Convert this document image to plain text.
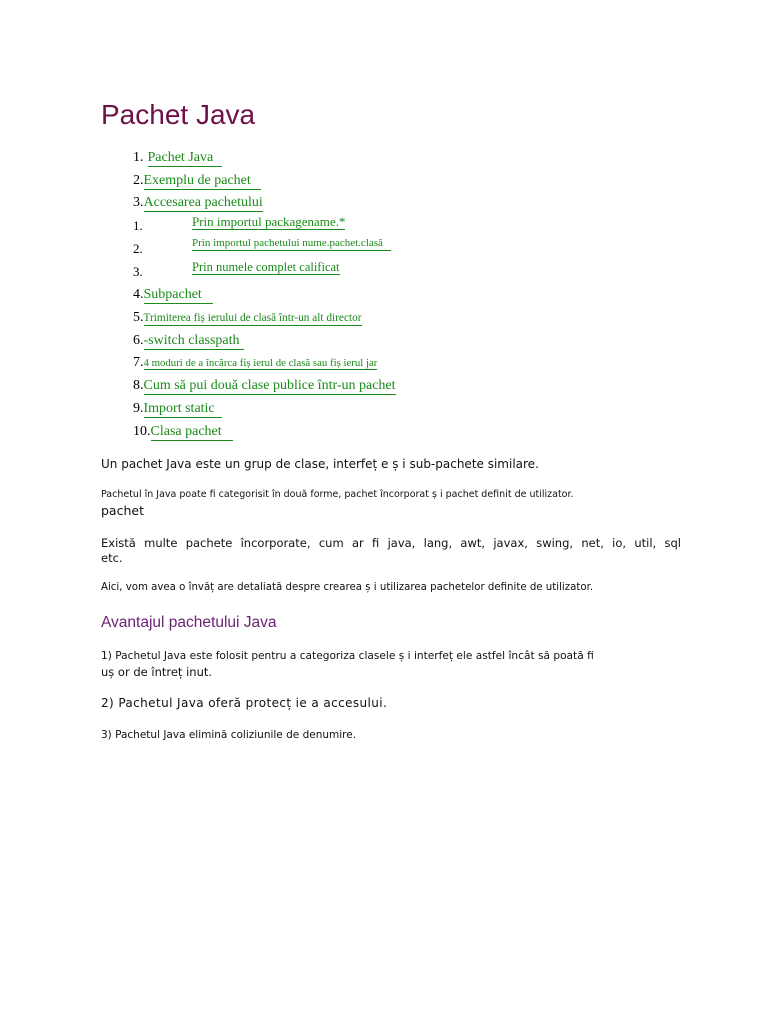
Pachet Java
1. Pachet Java
2.Exemplu de pachet
3.Accesarea pachetului
1.	Prin importul packagename.*
2.	Prin importul pachetului nume.pachet.clasă
3.	Prin numele complet calificat
4.Subpachet
5.Trimiterea fiș ierului de clasă într-un alt director
6.-switch classpath
7.4 moduri de a încărca fiș ierul de clasă sau fiș ierul jar
8.Cum să pui două clase publice într-un pachet
9.Import static
10.Clasa pachet
Un pachet Java este un grup de clase, interfeț e ș i sub-pachete similare.
Pachetul în Java poate fi categorisit în două forme, pachet încorporat ș i pachet definit de utilizator.
pachet
Există multe pachete încorporate, cum ar fi java, lang, awt, javax, swing, net, io, util, sql
etc.
Aici, vom avea o învăț are detaliată despre crearea ș i utilizarea pachetelor definite de utilizator.
Avantajul pachetului Java
1) Pachetul Java este folosit pentru a categoriza clasele ș i interfeț ele astfel încât să poată fi
uș or de întreț inut.
2) Pachetul Java oferă protecț ie a accesului.
3) Pachetul Java elimină coliziunile de denumire.
